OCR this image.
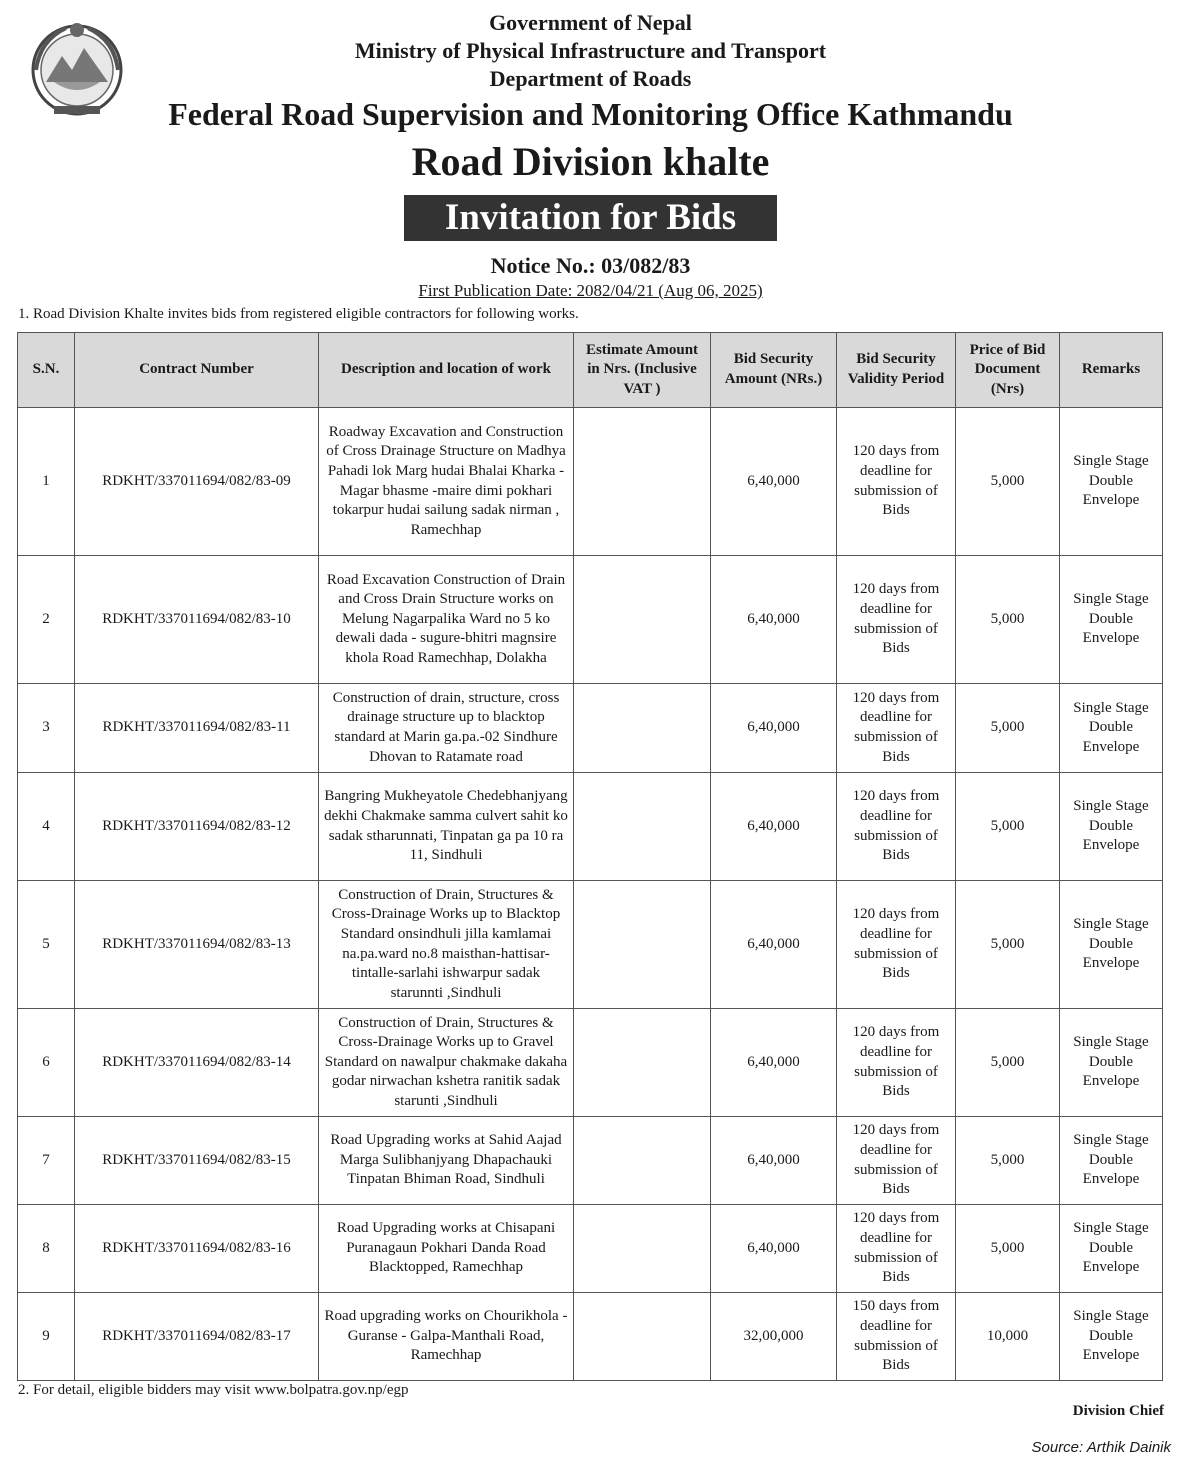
Government of Nepal
Ministry of Physical Infrastructure and Transport
Department of Roads
Federal Road Supervision and Monitoring Office Kathmandu
Road Division khalte
Invitation for Bids
Notice No.: 03/082/83
First Publication Date: 2082/04/21 (Aug 06, 2025)
1. Road Division Khalte invites bids from registered eligible contractors for following works.
S.N.	Contract Number	Description and location of work	Estimate Amount in Nrs. (Inclusive VAT )	Bid Security Amount (NRs.)	Bid Security Validity Period	Price of Bid Document (Nrs)	Remarks
1	RDKHT/337011694/082/83-09	Roadway Excavation and Construction of Cross Drainage Structure on Madhya Pahadi lok Marg hudai Bhalai Kharka - Magar bhasme -maire dimi pokhari tokarpur hudai sailung sadak nirman , Ramechhap		6,40,000	120 days from deadline for submission of Bids	5,000	Single Stage Double Envelope
2	RDKHT/337011694/082/83-10	Road Excavation Construction of Drain and Cross Drain Structure works on Melung Nagarpalika Ward no 5 ko dewali dada - sugure-bhitri magnsire khola Road Ramechhap, Dolakha		6,40,000	120 days from deadline for submission of Bids	5,000	Single Stage Double Envelope
3	RDKHT/337011694/082/83-11	Construction of drain, structure, cross drainage structure up to blacktop standard at Marin ga.pa.-02 Sindhure Dhovan to Ratamate road		6,40,000	120 days from deadline for submission of Bids	5,000	Single Stage Double Envelope
4	RDKHT/337011694/082/83-12	Bangring Mukheyatole Chedebhanjyang dekhi Chakmake samma culvert sahit ko sadak stharunnati, Tinpatan ga pa 10 ra 11, Sindhuli		6,40,000	120 days from deadline for submission of Bids	5,000	Single Stage Double Envelope
5	RDKHT/337011694/082/83-13	Construction of Drain, Structures & Cross-Drainage Works up to Blacktop Standard onsindhuli jilla kamlamai na.pa.ward no.8 maisthan-hattisar-tintalle-sarlahi ishwarpur sadak starunnti ,Sindhuli		6,40,000	120 days from deadline for submission of Bids	5,000	Single Stage Double Envelope
6	RDKHT/337011694/082/83-14	Construction of Drain, Structures & Cross-Drainage Works up to Gravel Standard on nawalpur chakmake dakaha godar nirwachan kshetra ranitik sadak starunti ,Sindhuli		6,40,000	120 days from deadline for submission of Bids	5,000	Single Stage Double Envelope
7	RDKHT/337011694/082/83-15	Road Upgrading works at Sahid Aajad Marga Sulibhanjyang Dhapachauki Tinpatan Bhiman Road, Sindhuli		6,40,000	120 days from deadline for submission of Bids	5,000	Single Stage Double Envelope
8	RDKHT/337011694/082/83-16	Road Upgrading works at Chisapani Puranagaun Pokhari Danda Road Blacktopped, Ramechhap		6,40,000	120 days from deadline for submission of Bids	5,000	Single Stage Double Envelope
9	RDKHT/337011694/082/83-17	Road upgrading works on Chourikhola - Guranse - Galpa-Manthali Road, Ramechhap		32,00,000	150 days from deadline for submission of Bids	10,000	Single Stage Double Envelope
2. For detail, eligible bidders may visit www.bolpatra.gov.np/egp
Division Chief
Source: Arthik Dainik
